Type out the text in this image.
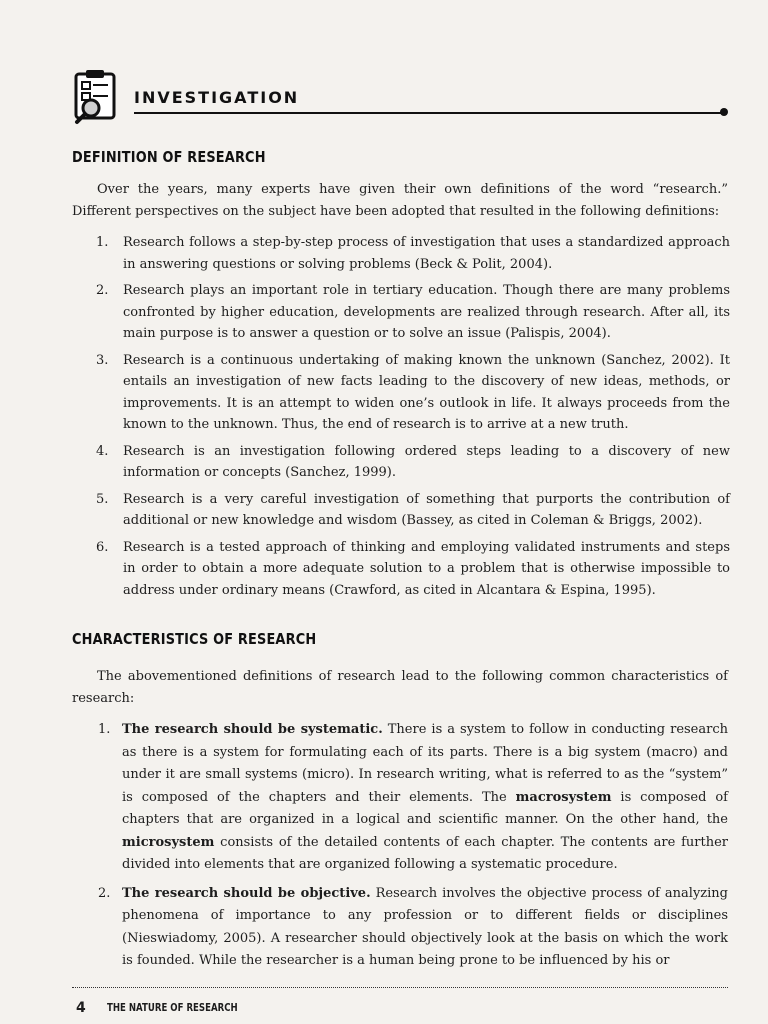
INVESTIGATION
DEFINITION OF RESEARCH

Over the years, many experts have given their own definitions of the word “research.” Different perspectives on the subject have been adopted that resulted in the following definitions:

1. Research follows a step-by-step process of investigation that uses a standardized approach in answering questions or solving problems (Beck & Polit, 2004).
2. Research plays an important role in tertiary education. Though there are many problems confronted by higher education, developments are realized through research. After all, its main purpose is to answer a question or to solve an issue (Palispis, 2004).
3. Research is a continuous undertaking of making known the unknown (Sanchez, 2002). It entails an investigation of new facts leading to the discovery of new ideas, methods, or improvements. It is an attempt to widen one’s outlook in life. It always proceeds from the known to the unknown. Thus, the end of research is to arrive at a new truth.
4. Research is an investigation following ordered steps leading to a discovery of new information or concepts (Sanchez, 1999).
5. Research is a very careful investigation of something that purports the contribution of additional or new knowledge and wisdom (Bassey, as cited in Coleman & Briggs, 2002).
6. Research is a tested approach of thinking and employing validated instruments and steps in order to obtain a more adequate solution to a problem that is otherwise impossible to address under ordinary means (Crawford, as cited in Alcantara & Espina, 1995).
CHARACTERISTICS OF RESEARCH

The abovementioned definitions of research lead to the following common characteristics of research:

1. The research should be systematic. There is a system to follow in conducting research as there is a system for formulating each of its parts. There is a big system (macro) and under it are small systems (micro). In research writing, what is referred to as the “system” is composed of the chapters and their elements. The macrosystem is composed of chapters that are organized in a logical and scientific manner. On the other hand, the microsystem consists of the detailed contents of each chapter. The contents are further divided into elements that are organized following a systematic procedure.
2. The research should be objective. Research involves the objective process of analyzing phenomena of importance to any profession or to different fields or disciplines (Nieswiadomy, 2005). A researcher should objectively look at the basis on which the work is founded. While the researcher is a human being prone to be influenced by his or
4 THE NATURE OF RESEARCH
